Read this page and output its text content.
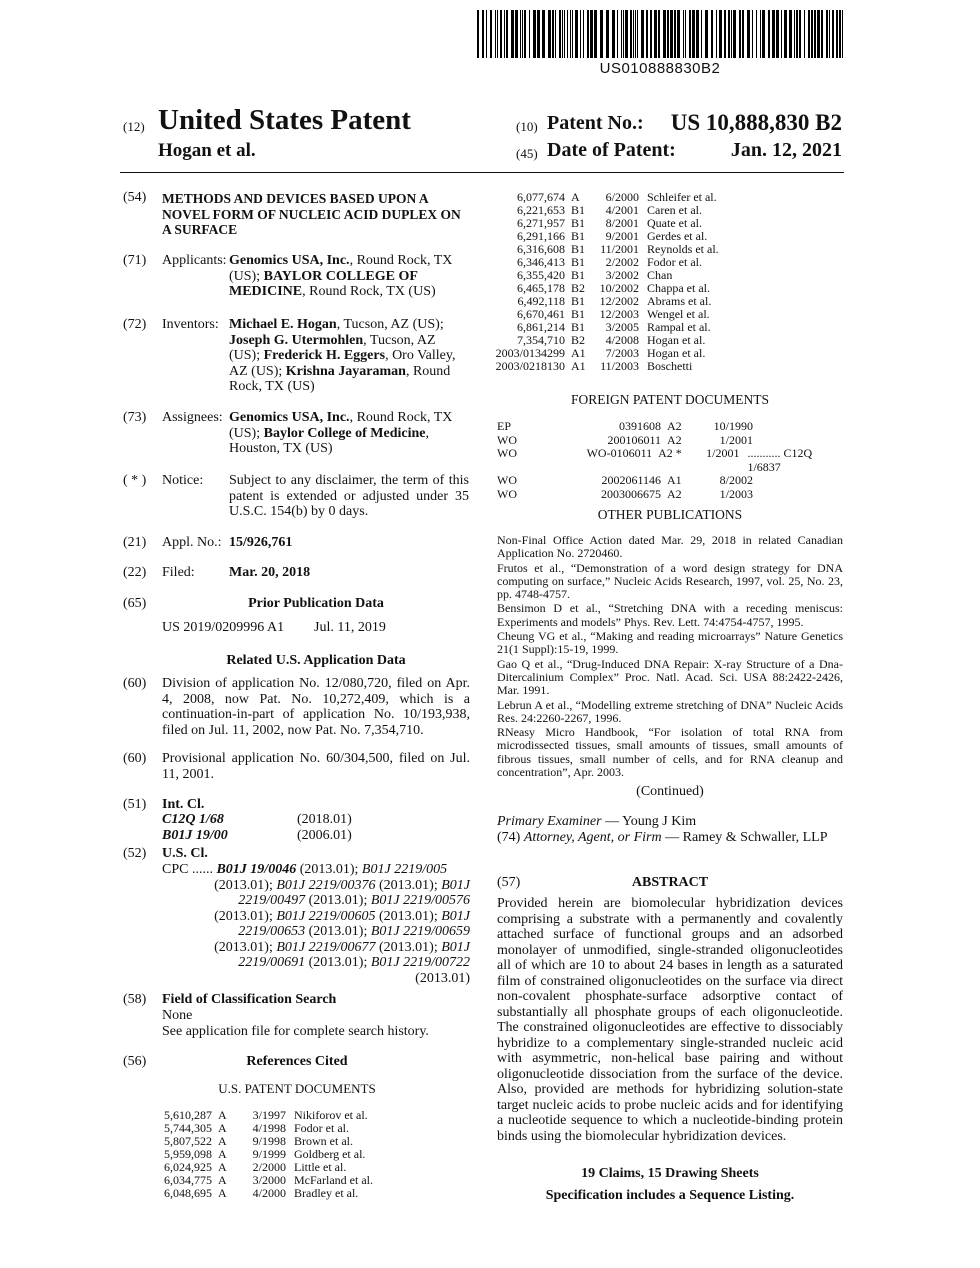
US010888830B2
(12) United States Patent
Hogan et al.
(10) Patent No.:	US 10,888,830 B2
(45) Date of Patent:	Jan. 12, 2021
(54) METHODS AND DEVICES BASED UPON A NOVEL FORM OF NUCLEIC ACID DUPLEX ON A SURFACE
(71) Applicants: Genomics USA, Inc., Round Rock, TX (US); BAYLOR COLLEGE OF MEDICINE, Round Rock, TX (US)
(72) Inventors: Michael E. Hogan, Tucson, AZ (US); Joseph G. Utermohlen, Tucson, AZ (US); Frederick H. Eggers, Oro Valley, AZ (US); Krishna Jayaraman, Round Rock, TX (US)
(73) Assignees: Genomics USA, Inc., Round Rock, TX (US); Baylor College of Medicine, Houston, TX (US)
( * ) Notice: Subject to any disclaimer, the term of this patent is extended or adjusted under 35 U.S.C. 154(b) by 0 days.
(21) Appl. No.: 15/926,761
(22) Filed: Mar. 20, 2018
(65)	Prior Publication Data
US 2019/0209996 A1 Jul. 11, 2019
Related U.S. Application Data
(60) Division of application No. 12/080,720, filed on Apr. 4, 2008, now Pat. No. 10,272,409, which is a continuation-in-part of application No. 10/193,938, filed on Jul. 11, 2002, now Pat. No. 7,354,710.
(60) Provisional application No. 60/304,500, filed on Jul. 11, 2001.
(51) Int. Cl.
C12Q 1/68	(2018.01)
B01J 19/00	(2006.01)
(52) U.S. Cl.
CPC ...... B01J 19/0046 (2013.01); B01J 2219/005
(2013.01); B01J 2219/00376 (2013.01); B01J
2219/00497 (2013.01); B01J 2219/00576
(2013.01); B01J 2219/00605 (2013.01); B01J
2219/00653 (2013.01); B01J 2219/00659
(2013.01); B01J 2219/00677 (2013.01); B01J
2219/00691 (2013.01); B01J 2219/00722
(2013.01)
(58) Field of Classification Search
None
See application file for complete search history.
(56)	References Cited
U.S. PATENT DOCUMENTS
5,610,287 A	3/1997 Nikiforov et al.
5,744,305 A	4/1998 Fodor et al.
5,807,522 A	9/1998 Brown et al.
5,959,098 A	9/1999 Goldberg et al.
6,024,925 A	2/2000 Little et al.
6,034,775 A	3/2000 McFarland et al.
6,048,695 A	4/2000 Bradley et al.
6,077,674 A	6/2000 Schleifer et al.
6,221,653 B1	4/2001 Caren et al.
6,271,957 B1	8/2001 Quate et al.
6,291,166 B1	9/2001 Gerdes et al.
6,316,608 B1	11/2001 Reynolds et al.
6,346,413 B1	2/2002 Fodor et al.
6,355,420 B1	3/2002 Chan
6,465,178 B2	10/2002 Chappa et al.
6,492,118 B1	12/2002 Abrams et al.
6,670,461 B1	12/2003 Wengel et al.
6,861,214 B1	3/2005 Rampal et al.
7,354,710 B2	4/2008 Hogan et al.
2003/0134299 A1	7/2003 Hogan et al.
2003/0218130 A1	11/2003 Boschetti
FOREIGN PATENT DOCUMENTS
EP	0391608 A2	10/1990
WO	200106011 A2	1/2001
WO	WO-0106011 A2 *	1/2001 ........... C12Q 1/6837
WO	2002061146 A1	8/2002
WO	2003006675 A2	1/2003
OTHER PUBLICATIONS
Non-Final Office Action dated Mar. 29, 2018 in related Canadian Application No. 2720460.
Frutos et al., “Demonstration of a word design strategy for DNA computing on surface,” Nucleic Acids Research, 1997, vol. 25, No. 23, pp. 4748-4757.
Bensimon D et al., “Stretching DNA with a receding meniscus: Experiments and models” Phys. Rev. Lett. 74:4754-4757, 1995.
Cheung VG et al., “Making and reading microarrays” Nature Genetics 21(1 Suppl):15-19, 1999.
Gao Q et al., “Drug-Induced DNA Repair: X-ray Structure of a Dna-Ditercalinium Complex” Proc. Natl. Acad. Sci. USA 88:2422-2426, Mar. 1991.
Lebrun A et al., “Modelling extreme stretching of DNA” Nucleic Acids Res. 24:2260-2267, 1996.
RNeasy Micro Handbook, “For isolation of total RNA from microdissected tissues, small amounts of tissues, small amounts of fibrous tissues, small number of cells, and for RNA cleanup and concentration”, Apr. 2003.
(Continued)
Primary Examiner — Young J Kim
(74) Attorney, Agent, or Firm — Ramey & Schwaller, LLP
(57)	ABSTRACT
Provided herein are biomolecular hybridization devices comprising a substrate with a permanently and covalently attached surface of functional groups and an adsorbed monolayer of unmodified, single-stranded oligonucleotides all of which are 10 to about 24 bases in length as a saturated film of constrained oligonucleotides on the surface via direct non-covalent phosphate-surface adsorptive contact of substantially all phosphate groups of each oligonucleotide. The constrained oligonucleotides are effective to dissociably hybridize to a complementary single-stranded nucleic acid with asymmetric, non-helical base pairing and without oligonucleotide dissociation from the surface of the device. Also, provided are methods for hybridizing solution-state target nucleic acids to probe nucleic acids and for identifying a nucleotide sequence to which a nucleotide-binding protein binds using the biomolecular hybridization devices.
19 Claims, 15 Drawing Sheets
Specification includes a Sequence Listing.
